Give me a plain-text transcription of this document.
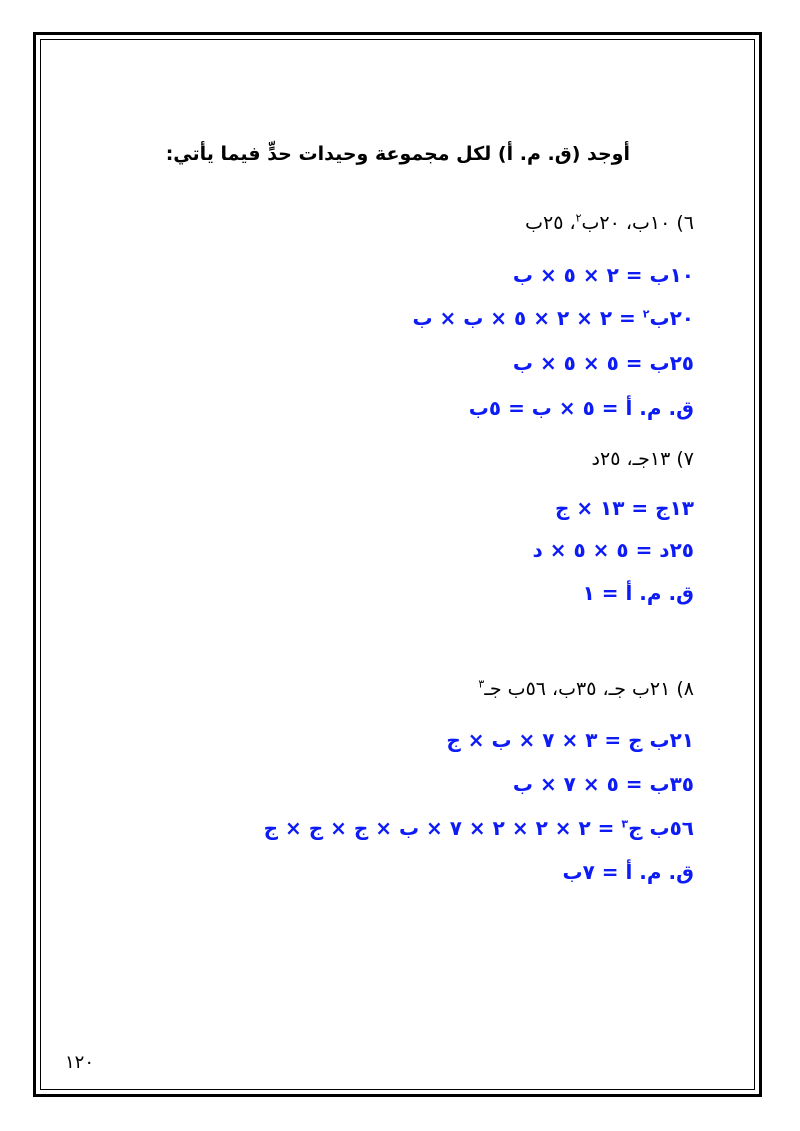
أوجد (ق. م. أ) لكل مجموعة وحيدات حدٍّ فيما يأتي:
٦) ١٠ب، ٢٠ب$^٢$، ٢٥ب
١٠ب = ٢ × ٥ × ب
٢٠ب$^٢$ = ٢ × ٢ × ٥ × ب × ب
٢٥ب = ٥ × ٥ × ب
ق. م. أ = ٥ × ب = ٥ب
٧) ١٣جـ، ٢٥د
١٣ج = ١٣ × ج
٢٥د = ٥ × ٥ × د
ق. م. أ = ١
٨) ٢١ب جـ، ٣٥ب، ٥٦ب جـ$^٣$
٢١ب ج = ٣ × ٧ × ب × ج
٣٥ب = ٥ × ٧ × ب
٥٦ب ج$^٣$ = ٢ × ٢ × ٢ × ٧ × ب × ج × ج × ج
ق. م. أ = ٧ب
١٢٠
